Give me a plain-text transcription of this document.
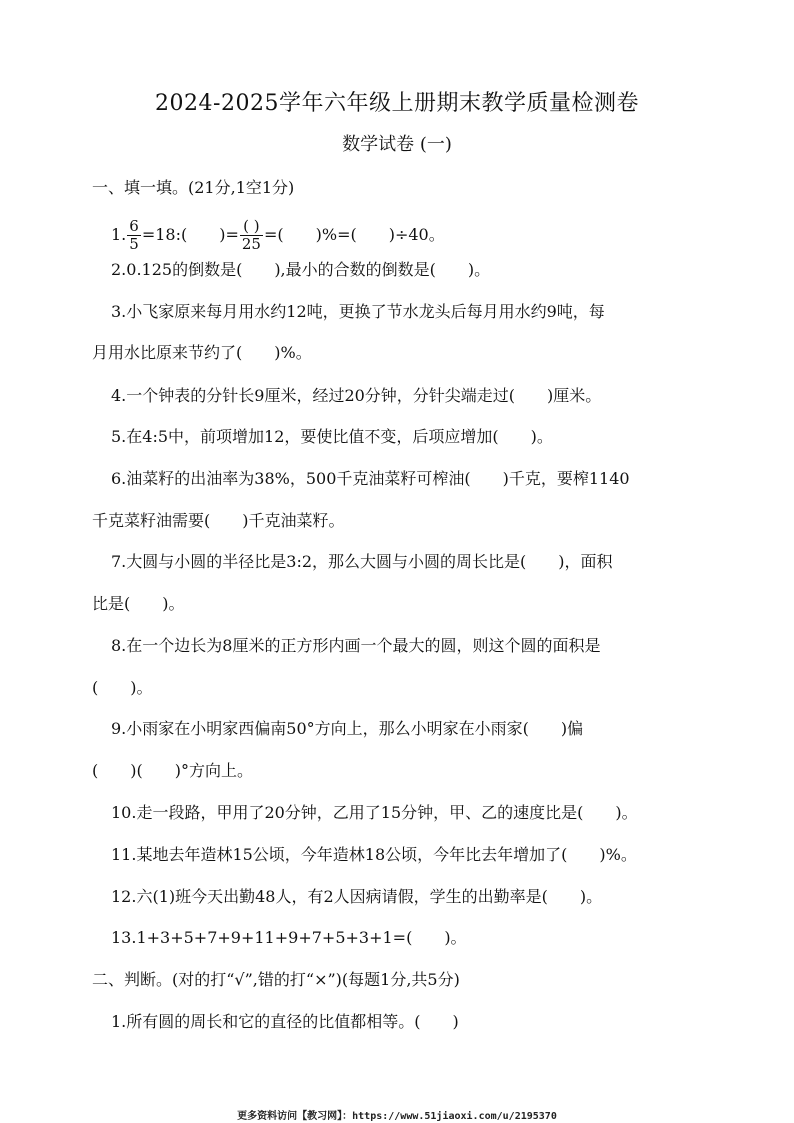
2024-2025学年六年级上册期末教学质量检测卷
数学试卷 (一)
一、填一填。(21分,1空1分)
1. $\frac{6}{5}$ =18:(　　)= $\frac{( )}{25}$ =(　　)%=(　　)÷40。
2.0.125的倒数是(　　),最小的合数的倒数是(　　)。
3.小飞家原来每月用水约12吨，更换了节水龙头后每月用水约9吨，每
月用水比原来节约了(　　)%。
4.一个钟表的分针长9厘米，经过20分钟，分针尖端走过(　　)厘米。
5.在4:5中，前项增加12，要使比值不变，后项应增加(　　)。
6.油菜籽的出油率为38%，500千克油菜籽可榨油(　　)千克，要榨1140
千克菜籽油需要(　　)千克油菜籽。
7.大圆与小圆的半径比是3:2，那么大圆与小圆的周长比是(　　)，面积
比是(　　)。
8.在一个边长为8厘米的正方形内画一个最大的圆，则这个圆的面积是
(　　)。
9.小雨家在小明家西偏南50°方向上，那么小明家在小雨家(　　)偏
(　　)(　　)°方向上。
10.走一段路，甲用了20分钟，乙用了15分钟，甲、乙的速度比是(　　)。
11.某地去年造林15公顷，今年造林18公顷，今年比去年增加了(　　)%。
12.六(1)班今天出勤48人，有2人因病请假，学生的出勤率是(　　)。
13.1+3+5+7+9+11+9+7+5+3+1=(　　)。
二、判断。(对的打“√”,错的打“×”)(每题1分,共5分)
1.所有圆的周长和它的直径的比值都相等。(　　)
更多资料访问【教习网】：https://www.51jiaoxi.com/u/2195370
